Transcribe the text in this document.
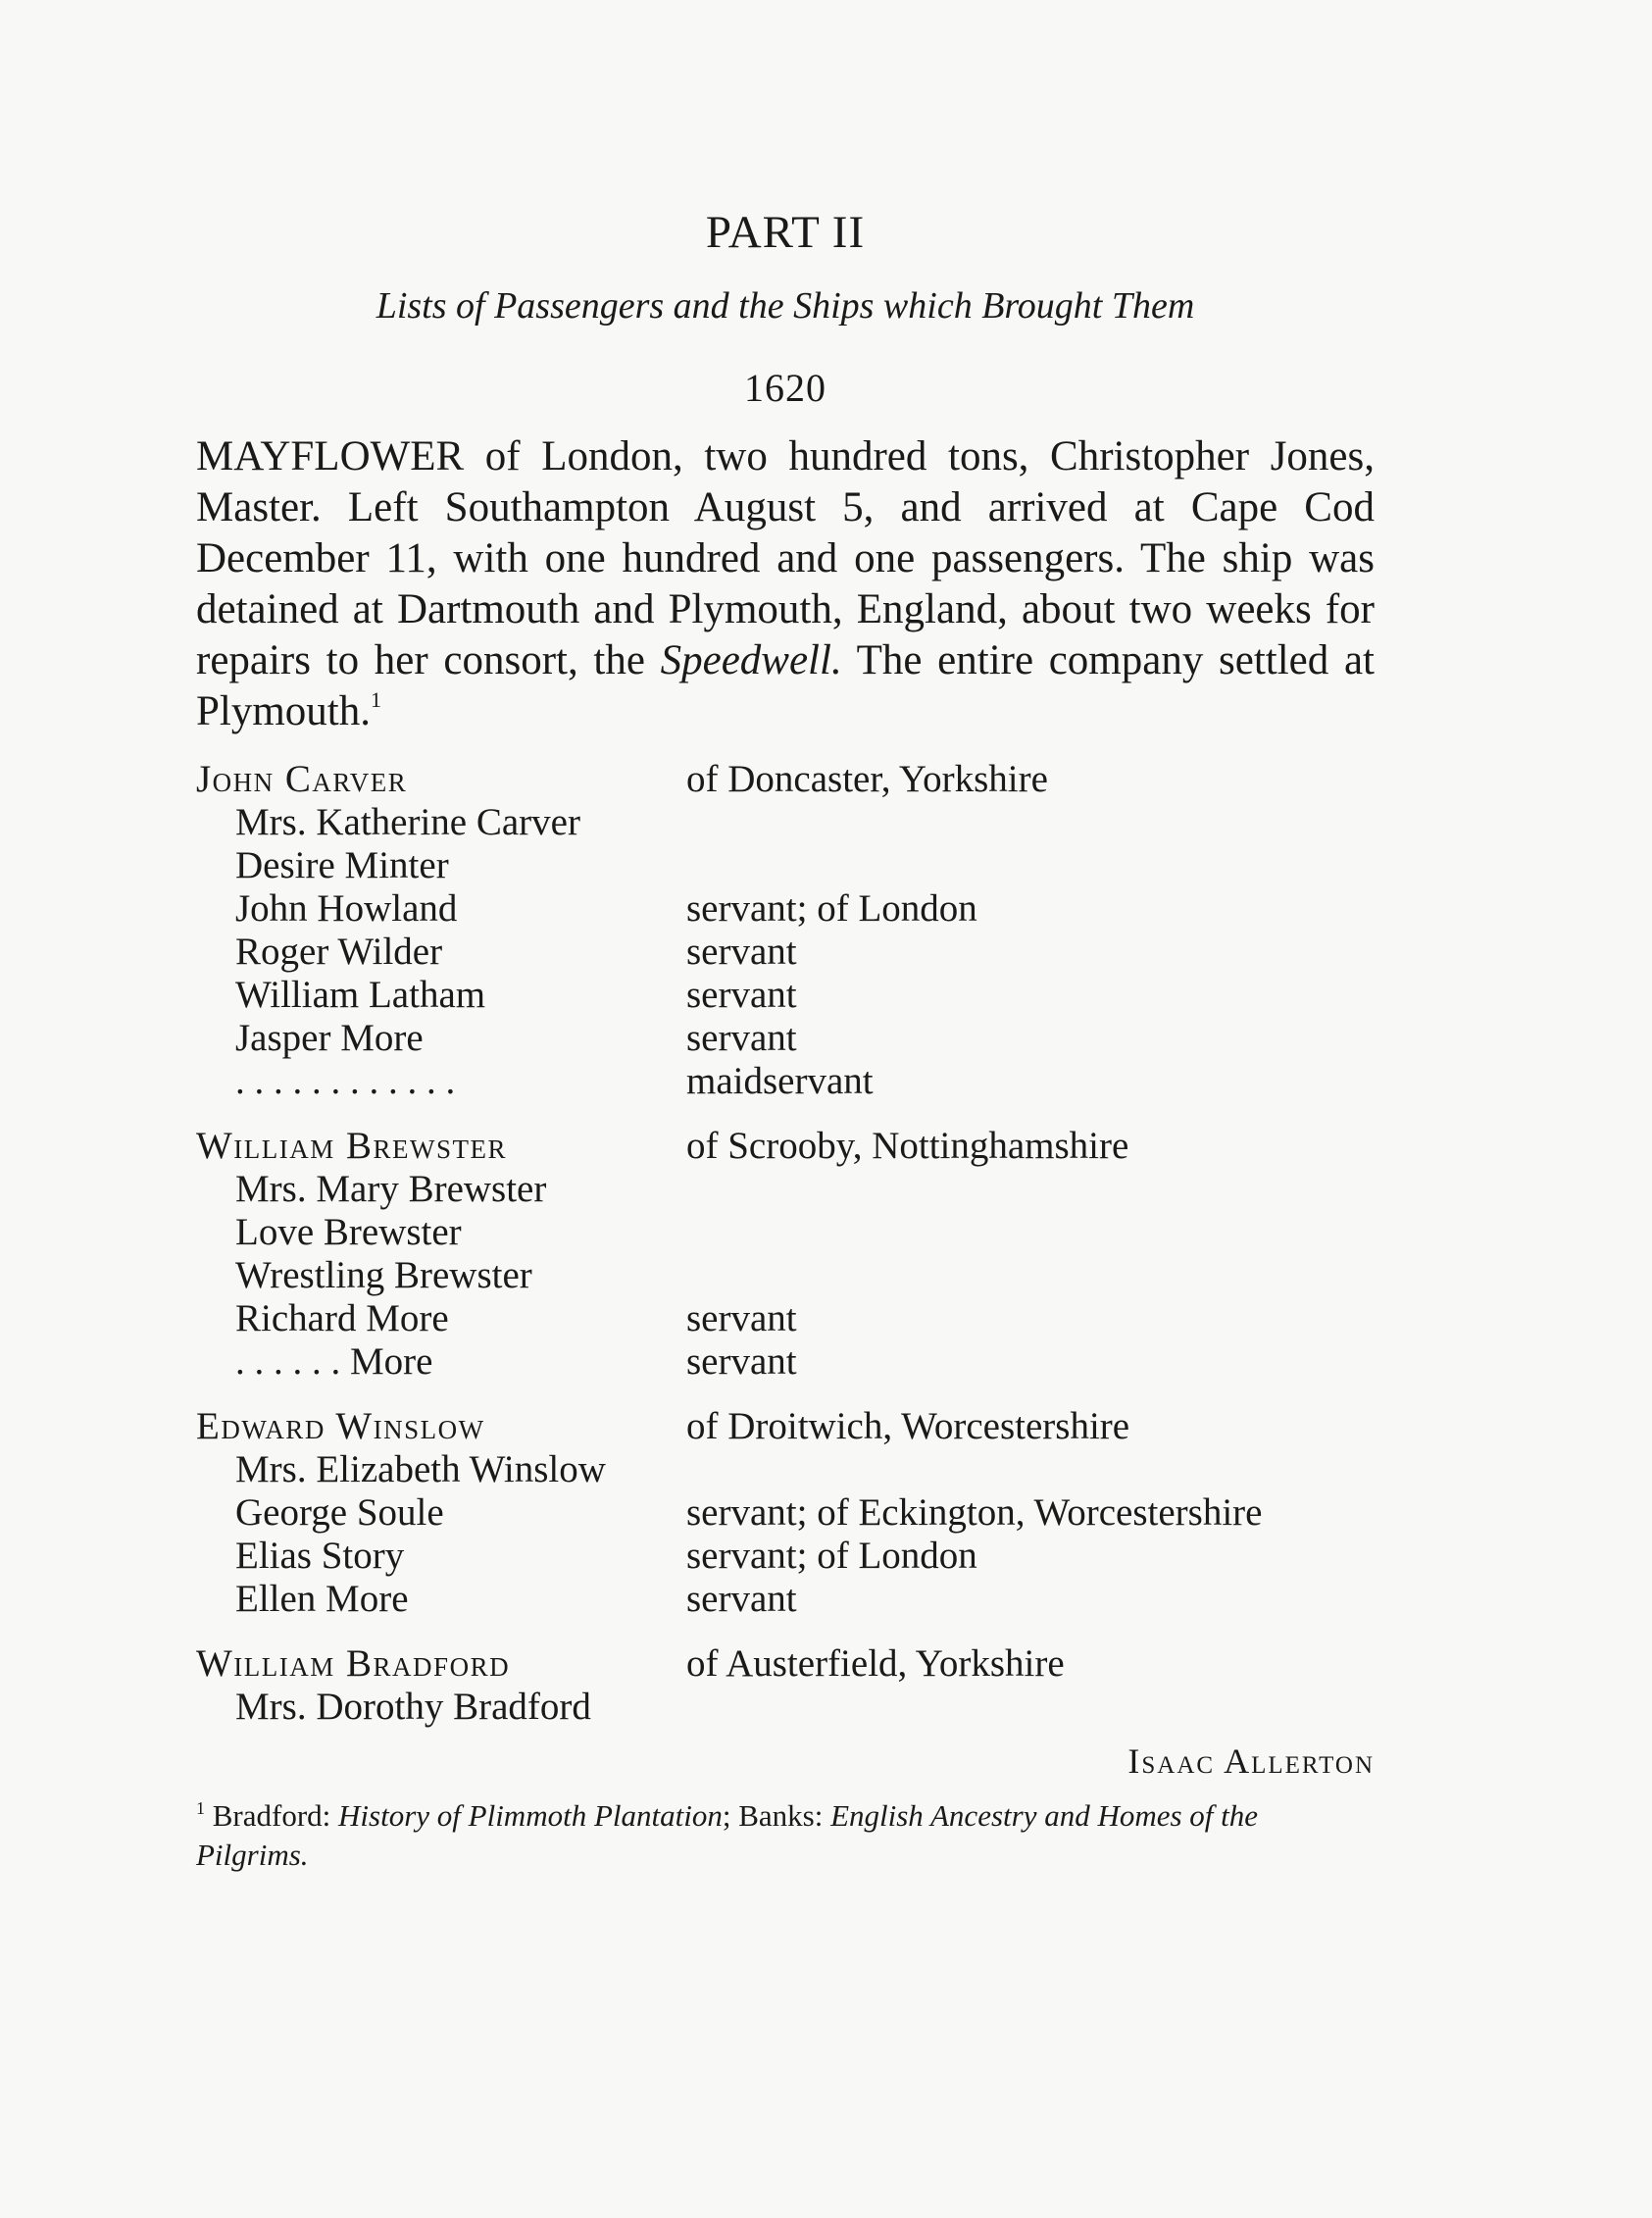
PART II
Lists of Passengers and the Ships which Brought Them
1620

MAYFLOWER of London, two hundred tons, Christopher Jones, Master. Left Southampton August 5, and arrived at Cape Cod December 11, with one hundred and one passengers. The ship was detained at Dartmouth and Plymouth, England, about two weeks for repairs to her consort, the Speedwell. The entire company settled at Plymouth.$^1$

John Carver	of Doncaster, Yorkshire
Mrs. Katherine Carver
Desire Minter
John Howland	servant; of London
Roger Wilder	servant
William Latham	servant
Jasper More	servant
. . . . . . . . . . . .	maidservant
William Brewster	of Scrooby, Nottinghamshire
Mrs. Mary Brewster
Love Brewster
Wrestling Brewster
Richard More	servant
. . . . . . More	servant
Edward Winslow	of Droitwich, Worcestershire
Mrs. Elizabeth Winslow
George Soule	servant; of Eckington, Worcestershire
Elias Story	servant; of London
Ellen More	servant
William Bradford	of Austerfield, Yorkshire
Mrs. Dorothy Bradford
Isaac Allerton
$^1$ Bradford: History of Plimmoth Plantation; Banks: English Ancestry and Homes of the Pilgrims.
